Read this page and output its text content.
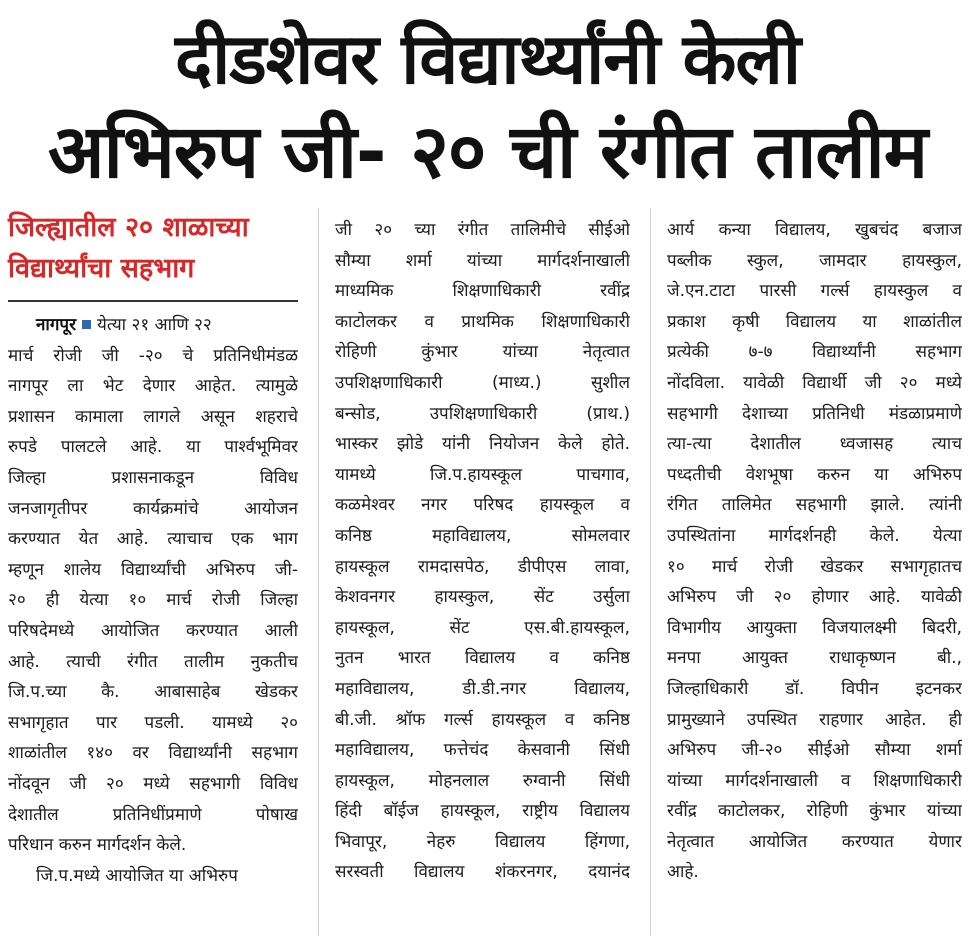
दीडशेवर विद्यार्थ्यांनी केली
अभिरुप जी- २० ची रंगीत तालीम
जिल्ह्यातील २० शाळाच्या
विद्यार्थ्यांचा सहभाग
नागपूर येत्या २१ आणि २२
मार्च रोजी जी -२० चे प्रतिनिधीमंडळ
नागपूर ला भेट देणार आहेत. त्यामुळे
प्रशासन कामाला लागले असून शहराचे
रुपडे पालटले आहे. या पार्श्वभूमिवर
जिल्हा प्रशासनाकडून विविध
जनजागृतीपर कार्यक्रमांचे आयोजन
करण्यात येत आहे. त्याचाच एक भाग
म्हणून शालेय विद्यार्थ्यांची अभिरुप जी-
२० ही येत्या १० मार्च रोजी जिल्हा
परिषदेमध्ये आयोजित करण्यात आली
आहे. त्याची रंगीत तालीम नुकतीच
जि.प.च्या कै. आबासाहेब खेडकर
सभागृहात पार पडली. यामध्ये २०
शाळांतील १४० वर विद्यार्थ्यांनी सहभाग
नोंदवून जी २० मध्ये सहभागी विविध
देशातील प्रतिनिधींप्रमाणे पोषाख
परिधान करुन मार्गदर्शन केले.
जि.प.मध्ये आयोजित या अभिरुप
जी २० च्या रंगीत तालिमीचे सीईओ
सौम्या शर्मा यांच्या मार्गदर्शनाखाली
माध्यमिक शिक्षणाधिकारी रवींद्र
काटोलकर व प्राथमिक शिक्षणाधिकारी
रोहिणी कुंभार यांच्या नेतृत्वात
उपशिक्षणाधिकारी (माध्य.) सुशील
बन्सोड, उपशिक्षणाधिकारी (प्राथ.)
भास्कर झोडे यांनी नियोजन केले होते.
यामध्ये जि.प.हायस्कूल पाचगाव,
कळमेश्वर नगर परिषद हायस्कूल व
कनिष्ठ महाविद्यालय, सोमलवार
हायस्कूल रामदासपेठ, डीपीएस लावा,
केशवनगर हायस्कुल, सेंट उर्सुला
हायस्कूल, सेंट एस.बी.हायस्कूल,
नुतन भारत विद्यालय व कनिष्ठ
महाविद्यालय, डी.डी.नगर विद्यालय,
बी.जी. श्रॉफ गर्ल्स हायस्कूल व कनिष्ठ
महाविद्यालय, फत्तेचंद केसवानी सिंधी
हायस्कूल, मोहनलाल रुग्वानी सिंधी
हिंदी बॉईज हायस्कूल, राष्ट्रीय विद्यालय
भिवापूर, नेहरु विद्यालय हिंगणा,
सरस्वती विद्यालय शंकरनगर, दयानंद
आर्य कन्या विद्यालय, खुबचंद बजाज
पब्लीक स्कुल, जामदार हायस्कुल,
जे.एन.टाटा पारसी गर्ल्स हायस्कुल व
प्रकाश कृषी विद्यालय या शाळांतील
प्रत्येकी ७-७ विद्यार्थ्यांनी सहभाग
नोंदविला. यावेळी विद्यार्थी जी २० मध्ये
सहभागी देशाच्या प्रतिनिधी मंडळाप्रमाणे
त्या-त्या देशातील ध्वजासह त्याच
पध्दतीची वेशभूषा करुन या अभिरुप
रंगित तालिमेत सहभागी झाले. त्यांनी
उपस्थितांना मार्गदर्शनही केले. येत्या
१० मार्च रोजी खेडकर सभागृहातच
अभिरुप जी २० होणार आहे. यावेळी
विभागीय आयुक्ता विजयालक्ष्मी बिदरी,
मनपा आयुक्त राधाकृष्णन बी.,
जिल्हाधिकारी डॉ. विपीन इटनकर
प्रामुख्याने उपस्थित राहणार आहेत. ही
अभिरुप जी-२० सीईओ सौम्या शर्मा
यांच्या मार्गदर्शनाखाली व शिक्षणाधिकारी
रवींद्र काटोलकर, रोहिणी कुंभार यांच्या
नेतृत्वात आयोजित करण्यात येणार
आहे.
